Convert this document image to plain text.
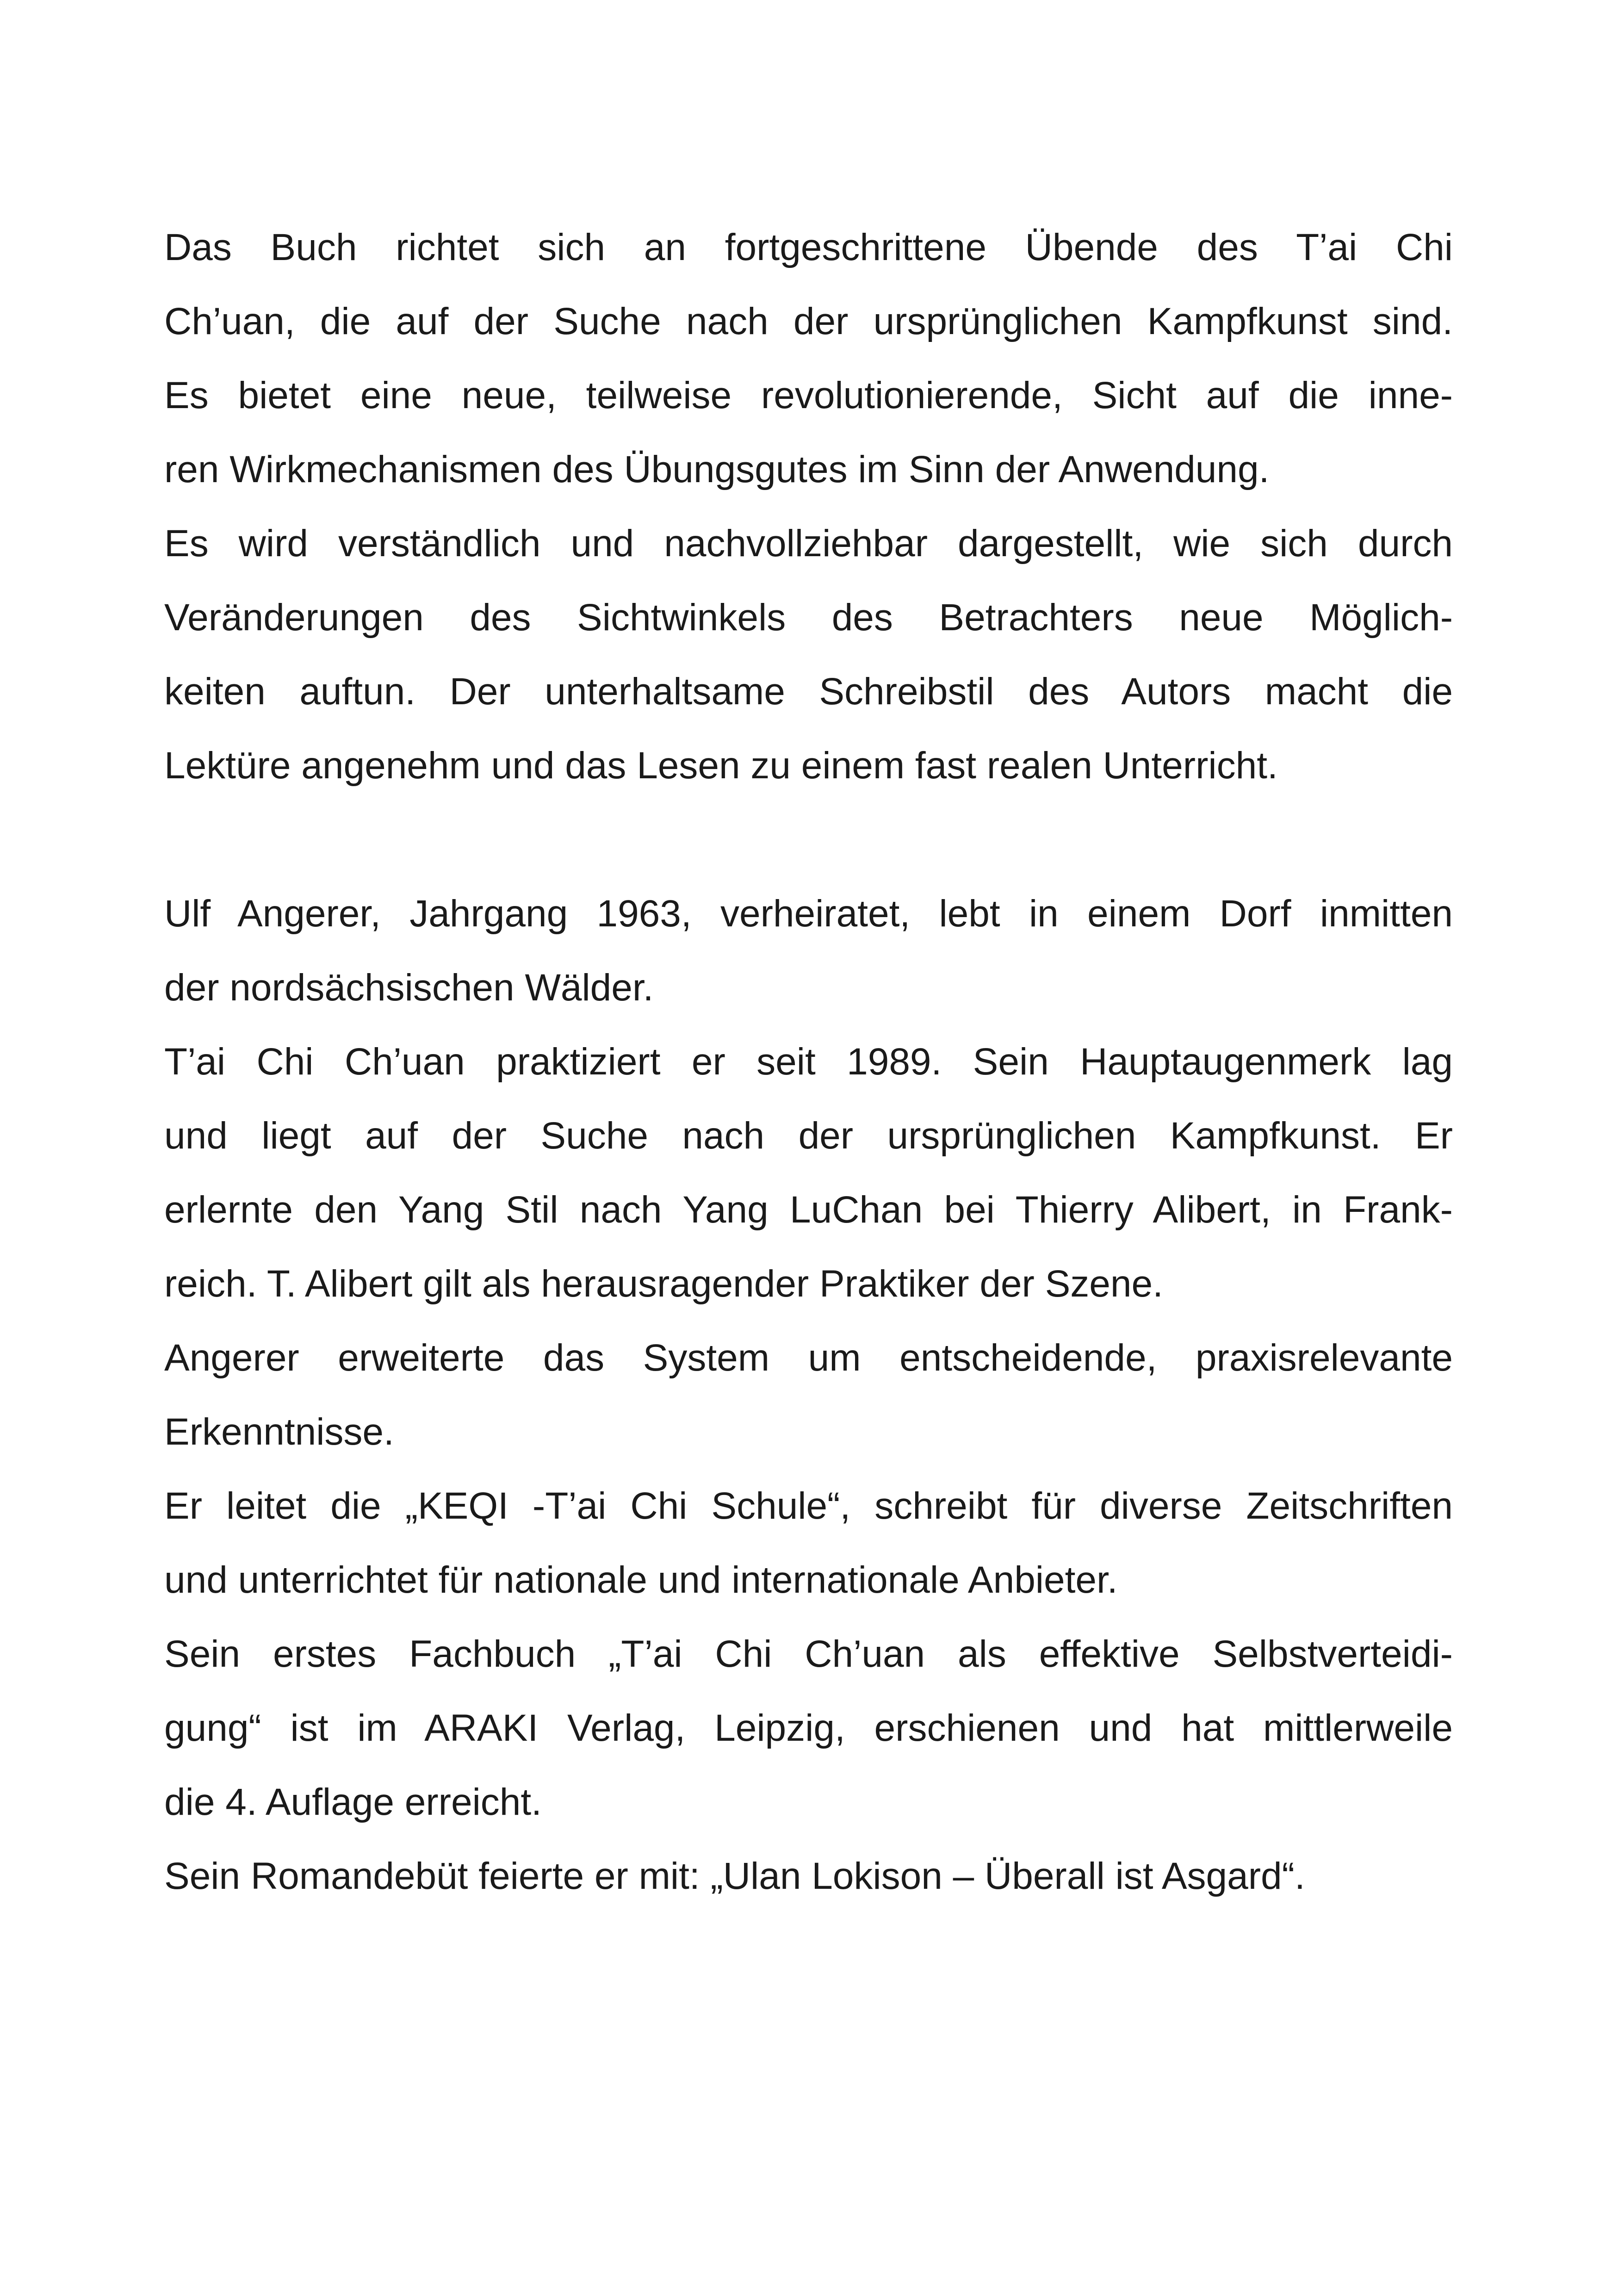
Das Buch richtet sich an fortgeschrittene Übende des T’ai Chi
Ch’uan, die auf der Suche nach der ursprünglichen Kampfkunst sind.
Es bietet eine neue, teilweise revolutionierende, Sicht auf die inne-
ren Wirkmechanismen des Übungsgutes im Sinn der Anwendung.
Es wird verständlich und nachvollziehbar dargestellt, wie sich durch
Veränderungen des Sichtwinkels des Betrachters neue Möglich-
keiten auftun. Der unterhaltsame Schreibstil des Autors macht die
Lektüre angenehm und das Lesen zu einem fast realen Unterricht.
Ulf Angerer, Jahrgang 1963, verheiratet, lebt in einem Dorf inmitten
der nordsächsischen Wälder.
T’ai Chi Ch’uan praktiziert er seit 1989. Sein Hauptaugenmerk lag
und liegt auf der Suche nach der ursprünglichen Kampfkunst. Er
erlernte den Yang Stil nach Yang LuChan bei Thierry Alibert, in Frank-
reich. T. Alibert gilt als herausragender Praktiker der Szene.
Angerer erweiterte das System um entscheidende, praxisrelevante
Erkenntnisse.
Er leitet die „KEQI -T’ai Chi Schule“, schreibt für diverse Zeitschriften
und unterrichtet für nationale und internationale Anbieter.
Sein erstes Fachbuch „T’ai Chi Ch’uan als effektive Selbstverteidi-
gung“ ist im ARAKI Verlag, Leipzig, erschienen und hat mittlerweile
die 4. Auflage erreicht.
Sein Romandebüt feierte er mit: „Ulan Lokison – Überall ist Asgard“.
